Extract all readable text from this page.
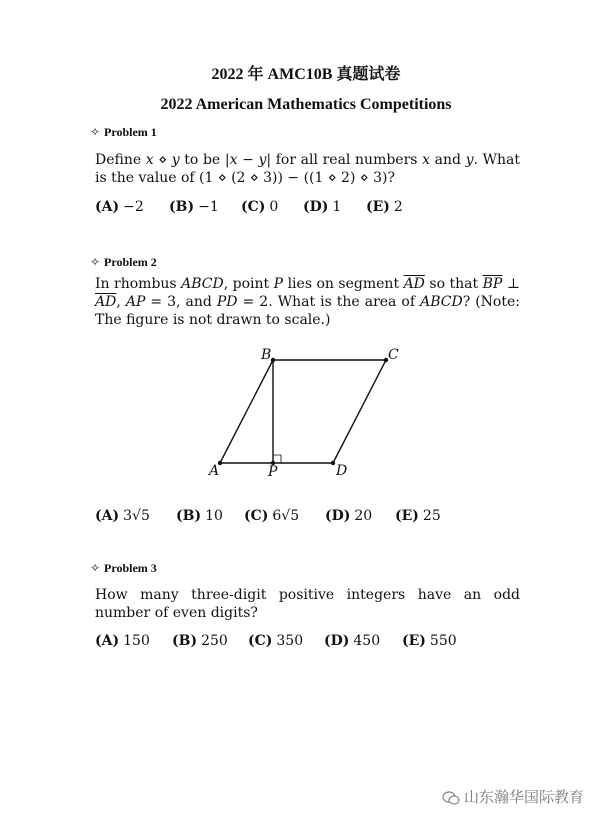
2022 年 AMC10B 真题试卷
2022 American Mathematics Competitions
✧ Problem 1
Define x ⋄ y to be |x − y| for all real numbers x and y. What is the value of (1 ⋄ (2 ⋄ 3)) − ((1 ⋄ 2) ⋄ 3)?
(A) −2 (B) −1 (C) 0 (D) 1 (E) 2
✧ Problem 2
In rhombus ABCD, point P lies on segment $\overline{AD}$ so that $\overline{BP}$ ⊥ $\overline{AD}$, AP = 3, and PD = 2. What is the area of ABCD? (Note: The figure is not drawn to scale.)
A
B	C
D
P
(A) 3√5 (B) 10 (C) 6√5 (D) 20 (E) 25
✧ Problem 3
How many three-digit positive integers have an odd number of even digits?
(A) 150 (B) 250 (C) 350 (D) 450 (E) 550
山东瀚华国际教育
